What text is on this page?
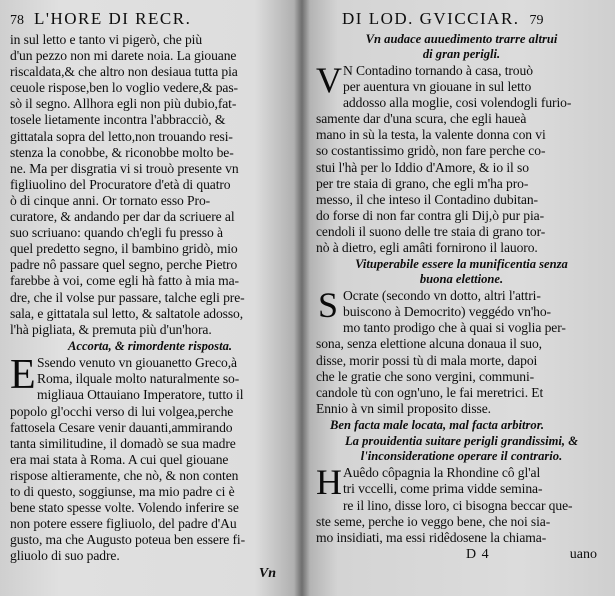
78 L'HORE DI RECR.
in sul letto e tanto vi pigerò, che più
d'un pezzo non mi darete noia. La giouane
riscaldata,& che altro non desiaua tutta pia
ceuole rispose,ben lo voglio vedere,& pas-
sò il segno. Allhora egli non più dubio,fat-
tosele lietamente incontra l'abbracciò, &
gittatala sopra del letto,non trouando resi-
stenza la conobbe, & riconobbe molto be-
ne. Ma per disgratia vi si trouò presente vn
figliuolino del Procuratore d'età di quatro
ò di cinque anni. Or tornato esso Pro-
curatore, & andando per dar da scriuere al
suo scriuano: quando ch'egli fu presso à
quel predetto segno, il bambino gridò, mio
padre nô passare quel segno, perche Pietro
farebbe à voi, come egli hà fatto à mia ma-
dre, che il volse pur passare, talche egli pre-
sala, e gittatala sul letto, & saltatole adosso,
l'hà pigliata, & premuta più d'un'hora.
Accorta, & rimordente risposta.
E Ssendo venuto vn giouanetto Greco,à
Roma, ilquale molto naturalmente so-
migliaua Ottauiano Imperatore, tutto il
popolo gl'occhi verso di lui volgea,perche
fattosela Cesare venir dauanti,ammirando
tanta similitudine, il domadò se sua madre
era mai stata à Roma. A cui quel giouane
rispose altieramente, che nò, & non conten
to di questo, soggiunse, ma mio padre ci è
bene stato spesse volte. Volendo inferire se
non potere essere figliuolo, del padre d'Au
gusto, ma che Augusto poteua ben essere fi-
gliuolo di suo padre.
Vn
DI LOD. GVICCIAR. 79
Vn audace auuedimento trarre altrui
di gran perigli.
V N Contadino tornando à casa, trouò
per auentura vn giouane in sul letto
addosso alla moglie, cosi volendogli furio-
samente dar d'una scura, che egli haueà
mano in sù la testa, la valente donna con vi
so costantissimo gridò, non fare perche co-
stui l'hà per lo Iddio d'Amore, & io il so
per tre staia di grano, che egli m'ha pro-
messo, il che inteso il Contadino dubitan-
do forse di non far contra gli Dij,ò pur pia-
cendoli il suono delle tre staia di grano tor-
nò à dietro, egli amâti fornirono il lauoro.
Vituperabile essere la munificentia senza
buona elettione.
S Ocrate (secondo vn dotto, altri l'attri-
buiscono à Democrito) veggédo vn'ho-
mo tanto prodigo che à quai si voglia per-
sona, senza elettione alcuna donaua il suo,
disse, morir possi tù di mala morte, dapoi
che le gratie che sono vergini, communi-
candole tù con ogn'uno, le fai meretrici. Et
Ennio à vn simil proposito disse.
Ben facta male locata, mal facta arbitror.
La prouidentia suitare perigli grandissimi, &
l'inconsideratione operare il contrario.
H Auêdo côpagnia la Rhondine cô gl'al
tri vccelli, come prima vidde semina-
re il lino, disse loro, ci bisogna beccar que-
ste seme, perche io veggo bene, che noi sia-
mo insidiati, ma essi ridêdosene la chiama-
D 4	uano
